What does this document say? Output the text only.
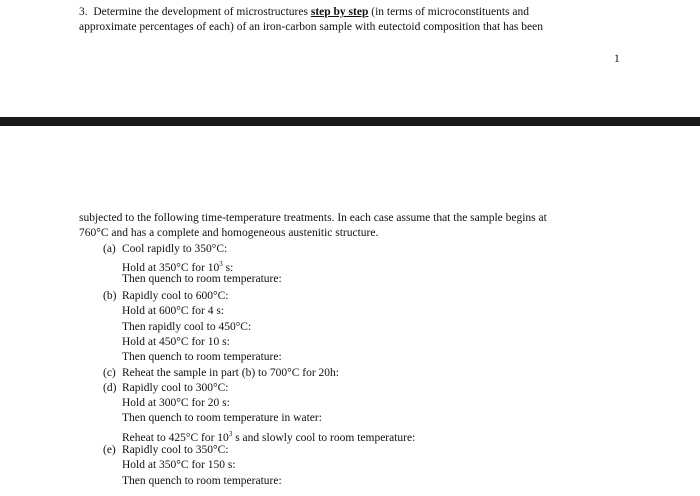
3. Determine the development of microstructures step by step (in terms of microconstituents and
approximate percentages of each) of an iron-carbon sample with eutectoid composition that has been
1
subjected to the following time-temperature treatments. In each case assume that the sample begins at
760°C and has a complete and homogeneous austenitic structure.
(a) Cool rapidly to 350°C:
Hold at 350°C for $10^3$ s:
Then quench to room temperature:
(b) Rapidly cool to 600°C:
Hold at 600°C for 4 s:
Then rapidly cool to 450°C:
Hold at 450°C for 10 s:
Then quench to room temperature:
(c) Reheat the sample in part (b) to 700°C for 20h:
(d) Rapidly cool to 300°C:
Hold at 300°C for 20 s:
Then quench to room temperature in water:
Reheat to 425°C for $10^3$ s and slowly cool to room temperature:
(e) Rapidly cool to 350°C:
Hold at 350°C for 150 s:
Then quench to room temperature:
